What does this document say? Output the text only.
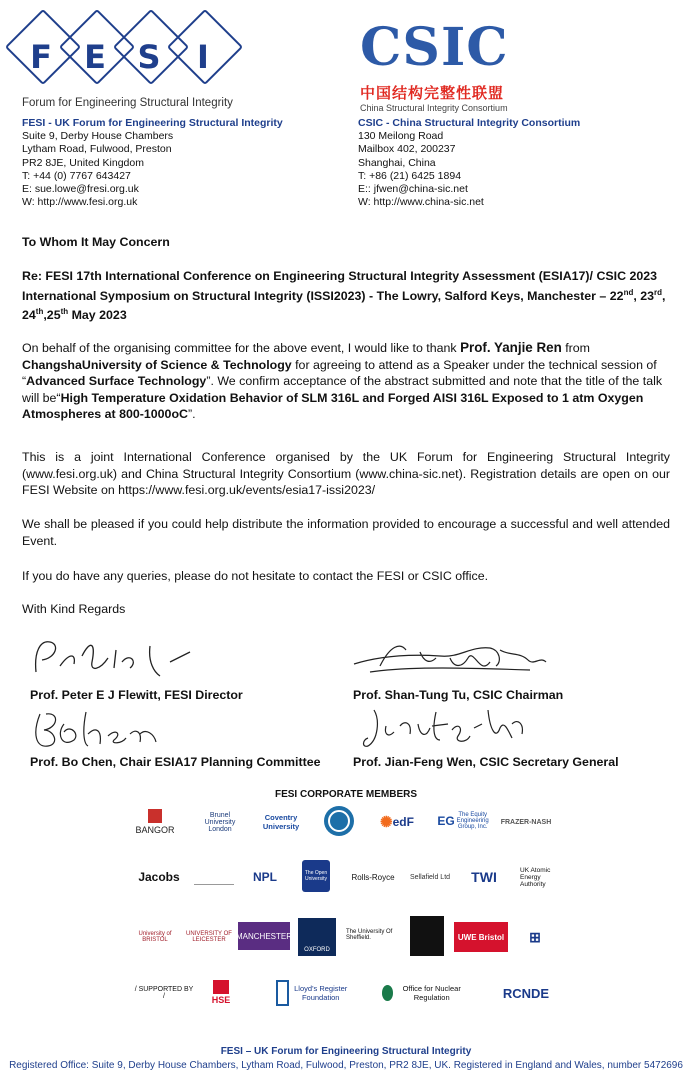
F E S	I
Forum for Engineering Structural Integrity
CSIC
中国结构完整性联盟
China Structural Integrity Consortium
FESI - UK Forum for Engineering Structural Integrity
Suite 9, Derby House Chambers
Lytham Road, Fulwood, Preston
PR2 8JE, United Kingdom
T: +44 (0) 7767 643427
E: sue.lowe@fresi.org.uk
W: http://www.fesi.org.uk
CSIC - China Structural Integrity Consortium
130 Meilong Road
Mailbox 402, 200237
Shanghai, China
T: +86 (21) 6425 1894
E:: jfwen@china-sic.net
W: http://www.china-sic.net
To Whom It May Concern
Re: FESI 17th International Conference on Engineering Structural Integrity Assessment (ESIA17)/ CSIC 2023 International Symposium on Structural Integrity (ISSI2023) - The Lowry, Salford Keys, Manchester – 22nd, 23rd, 24th,25th May 2023
On behalf of the organising committee for the above event, I would like to thank Prof. Yanjie Ren from ChangshaUniversity of Science & Technology for agreeing to attend as a Speaker under the technical session of “Advanced Surface Technology”. We confirm acceptance of the abstract submitted and note that the title of the talk will be“High Temperature Oxidation Behavior of SLM 316L and Forged AISI 316L Exposed to 1 atm Oxygen Atmospheres at 800-1000oC”.
This is a joint International Conference organised by the UK Forum for Engineering Structural Integrity (www.fesi.org.uk) and China Structural Integrity Consortium (www.china-sic.net). Registration details are open on our FESI Website on https://www.fesi.org.uk/events/esia17-issi2023/
We shall be pleased if you could help distribute the information provided to encourage a successful and well attended Event.
If you do have any queries, please do not hesitate to contact the FESI or CSIC office.
With Kind Regards
Prof. Peter E J Flewitt, FESI Director	Prof. Shan-Tung Tu, CSIC Chairman
Prof. Bo Chen, Chair ESIA17 Planning Committee	Prof. Jian-Feng Wen, CSIC Secretary General
FESI CORPORATE MEMBERS
BANGOR
Brunel University London
Coventry University	✺ edF EG The Equity Engineering Group, Inc.
FRAZER-NASH
Jacobs	NPL	The Open University	Rolls-Royce	Sellafield Ltd	TWI	UK Atomic Energy Authority
University of BRISTOL
UNIVERSITY OF LEICESTER	MANCHESTER
OXFORD
The University Of Sheffield.	UWE Bristol	⊞
/ SUPPORTED BY /	HSE
Lloyd's Register Foundation
Office for Nuclear Regulation	RCNDE
FESI – UK Forum for Engineering Structural Integrity
Registered Office: Suite 9, Derby House Chambers, Lytham Road, Fulwood, Preston, PR2 8JE, UK. Registered in England and Wales, number 5472696
